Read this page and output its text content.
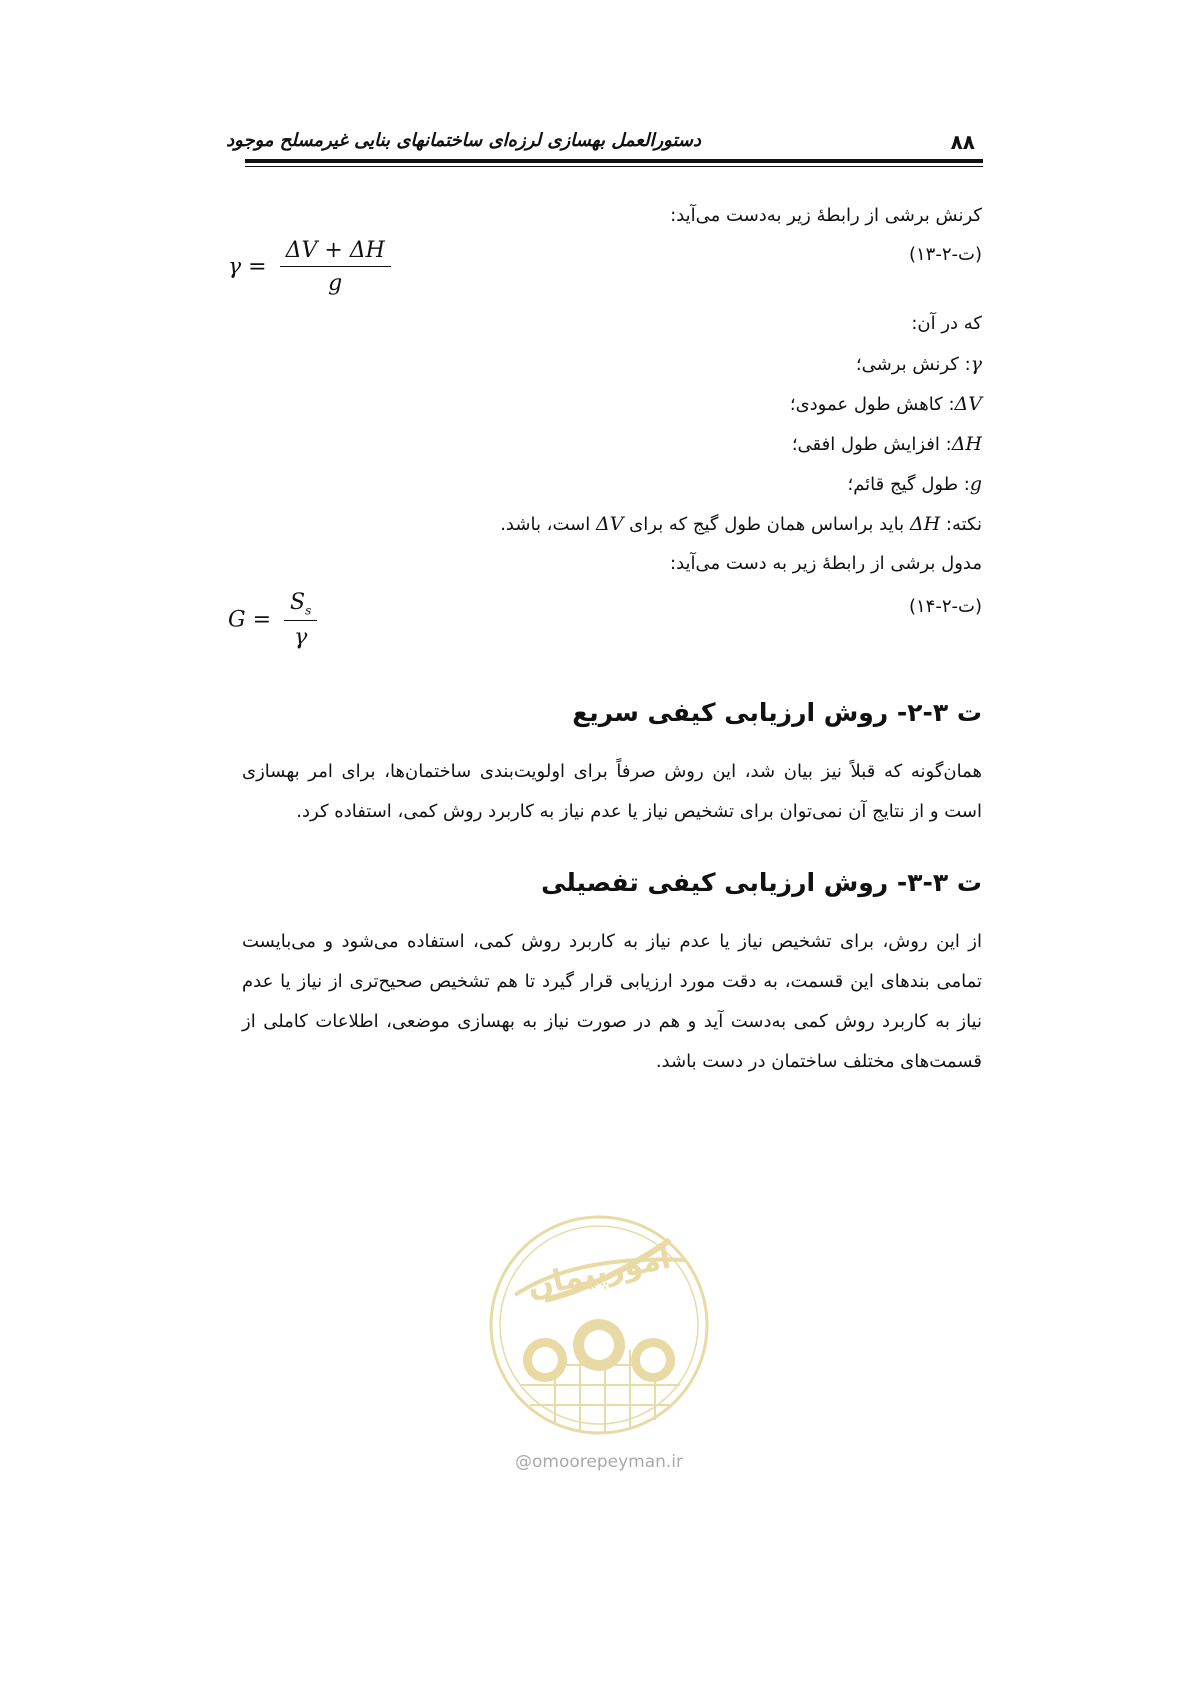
۸۸
دستورالعمل بهسازی لرزه‌ای ساختمانهای بنایی غیرمسلح موجود
کرنش برشی از رابطهٔ زیر به‌دست می‌آید:
(ت-۲-۱۳)
$\gamma = \frac{\Delta V + \Delta H}{g}$
که در آن:
γ: کرنش برشی؛
ΔV: کاهش طول عمودی؛
ΔH: افزایش طول افقی؛
g: طول گیج قائم؛
نکته: ΔH باید براساس همان طول گیج که برای ΔV است، باشد.
مدول برشی از رابطهٔ زیر به دست می‌آید:
(ت-۲-۱۴)
$G = \frac{S_s}{\gamma}$
ت ۳-۲- روش ارزیابی کیفی سریع
همان‌گونه که قبلاً نیز بیان شد، این روش صرفاً برای اولویت‌بندی ساختمان‌ها، برای امر بهسازی است و از نتایج آن نمی‌توان برای تشخیص نیاز یا عدم نیاز به کاربرد روش کمی، استفاده کرد.
ت ۳-۳- روش ارزیابی کیفی تفصیلی
از این روش، برای تشخیص نیاز یا عدم نیاز به کاربرد روش کمی، استفاده می‌شود و می‌بایست تمامی بندهای این قسمت، به دقت مورد ارزیابی قرار گیرد تا هم تشخیص صحیح‌تری از نیاز یا عدم نیاز به کاربرد روش کمی به‌دست آید و هم در صورت نیاز به بهسازی موضعی، اطلاعات کاملی از قسمت‌های مختلف ساختمان در دست باشد.
امورپیمان
@omoorepeyman.ir
